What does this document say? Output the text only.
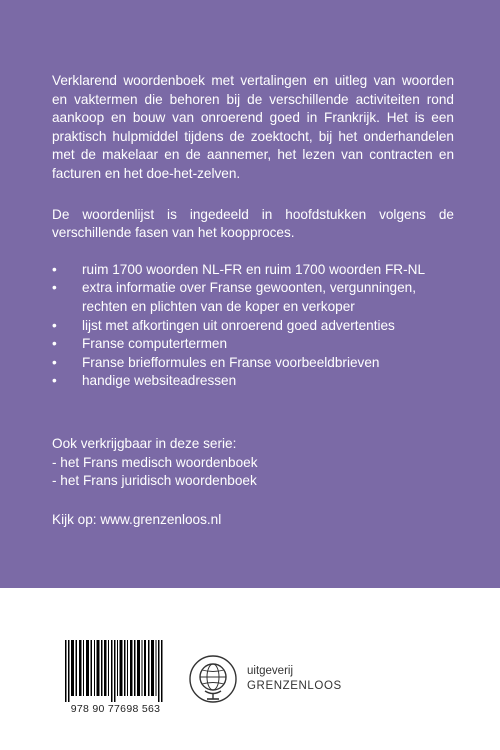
Verklarend woordenboek met vertalingen en uitleg van woorden en vaktermen die behoren bij de verschillende activiteiten rond aankoop en bouw van onroerend goed in Frankrijk. Het is een praktisch hulpmiddel tijdens de zoektocht, bij het onderhandelen met de makelaar en de aannemer, het lezen van contracten en facturen en het doe-het-zelven.

De woordenlijst is ingedeeld in hoofdstukken volgens de verschillende fasen van het koopproces.

• ruim 1700 woorden NL-FR en ruim 1700 woorden FR-NL
• extra informatie over Franse gewoonten, vergunningen, rechten en plichten van de koper en verkoper
• lijst met afkortingen uit onroerend goed advertenties
• Franse computertermen
• Franse briefformules en Franse voorbeeldbrieven
• handige websiteadressen
Ook verkrijgbaar in deze serie:
- het Frans medisch woordenboek
- het Frans juridisch woordenboek

Kijk op: www.grenzenloos.nl

978 90 77698 563
uitgeverij
GRENZENLOOS
